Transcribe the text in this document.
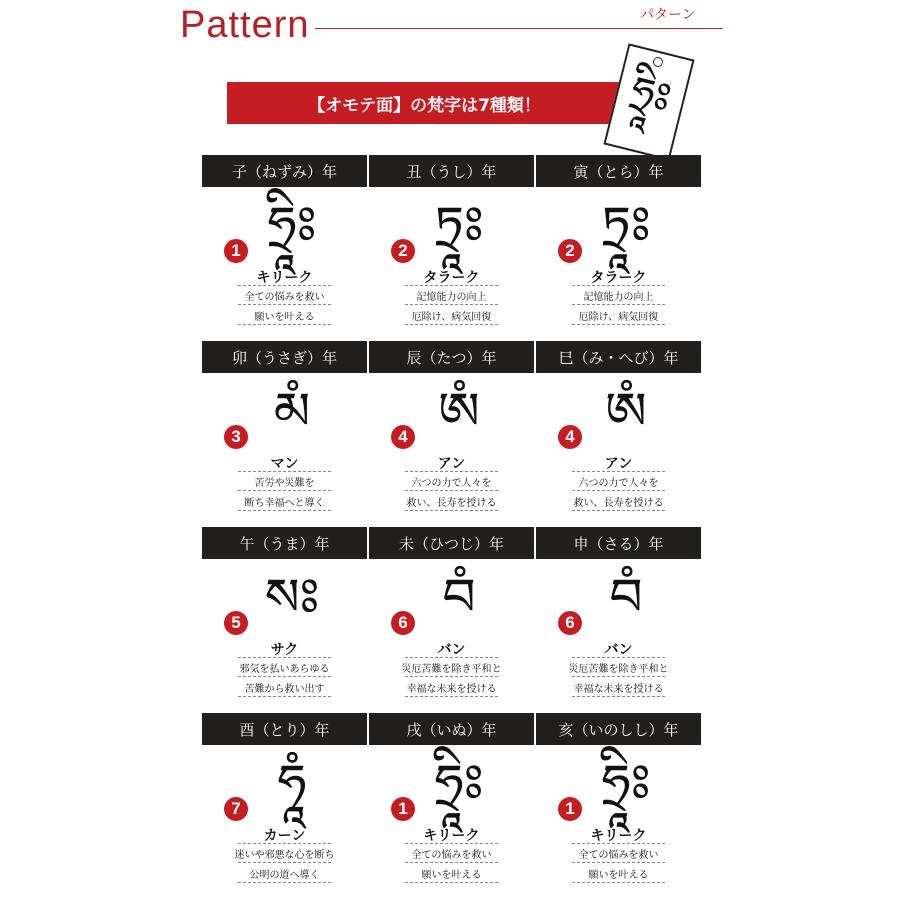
Pattern	パターン
【オモテ面】の梵字は7種類！ ཧྲཱིཿ
子（ねずみ）年
ཧྲཱིཿ
1
キリーク
全ての悩みを救い
願いを叶える
丑（うし）年
ཏྲཱཿ
2
タラーク
記憶能力の向上
厄除け、病気回復
寅（とら）年
ཏྲཱཿ
2
タラーク
記憶能力の向上
厄除け、病気回復
卯（うさぎ）年
མཾ
3
マン
苦労や災難を
断ち幸福へと導く
辰（たつ）年
ཨཾ
4
アン
六つの力で人々を
救い、長寿を授ける
巳（み・へび）年
ཨཾ
4
アン
六つの力で人々を
救い、長寿を授ける
午（うま）年
སཿ
5
サク
邪気を払いあらゆる
苦難から救い出す
未（ひつじ）年
བཾ
6
バン
災厄苦難を除き平和と
幸福な未来を授ける
申（さる）年
བཾ
6
バン
災厄苦難を除き平和と
幸福な未来を授ける
酉（とり）年
ཧཱཾ
7
カーン
迷いや邪悪な心を断ち
公明の道へ導く
戌（いぬ）年
ཧྲཱིཿ
1
キリーク
全ての悩みを救い
願いを叶える
亥（いのしし）年
ཧྲཱིཿ
1
キリーク
全ての悩みを救い
願いを叶える
